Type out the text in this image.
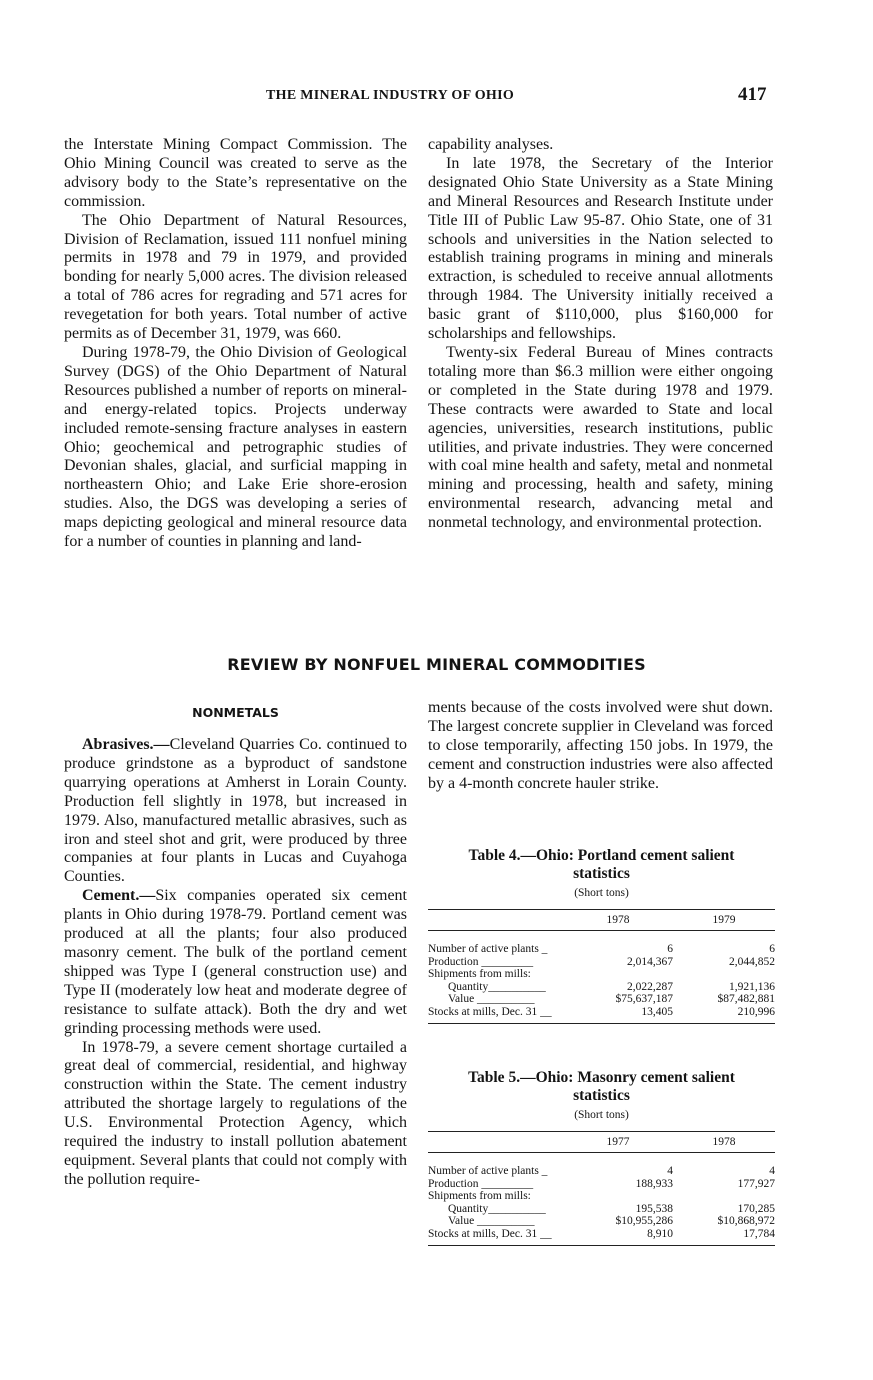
THE MINERAL INDUSTRY OF OHIO	417

the Interstate Mining Compact Commission. The Ohio Mining Council was created to serve as the advisory body to the State’s representative on the commission.

The Ohio Department of Natural Resources, Division of Reclamation, issued 111 nonfuel mining permits in 1978 and 79 in 1979, and provided bonding for nearly 5,000 acres. The division released a total of 786 acres for regrading and 571 acres for revegetation for both years. Total number of active permits as of December 31, 1979, was 660.

During 1978-79, the Ohio Division of Geological Survey (DGS) of the Ohio Department of Natural Resources published a number of reports on mineral- and energy-related topics. Projects underway included remote-sensing fracture analyses in eastern Ohio; geochemical and petrographic studies of Devonian shales, glacial, and surficial mapping in northeastern Ohio; and Lake Erie shore-erosion studies. Also, the DGS was developing a series of maps depicting geological and mineral resource data for a number of counties in planning and land-

capability analyses.

In late 1978, the Secretary of the Interior designated Ohio State University as a State Mining and Mineral Resources and Research Institute under Title III of Public Law 95-87. Ohio State, one of 31 schools and universities in the Nation selected to establish training programs in mining and minerals extraction, is scheduled to receive annual allotments through 1984. The University initially received a basic grant of $110,000, plus $160,000 for scholarships and fellowships.

Twenty-six Federal Bureau of Mines contracts totaling more than $6.3 million were either ongoing or completed in the State during 1978 and 1979. These contracts were awarded to State and local agencies, universities, research institutions, public utilities, and private industries. They were concerned with coal mine health and safety, metal and nonmetal mining and processing, health and safety, mining environmental research, advancing metal and nonmetal technology, and environmental protection.

REVIEW BY NONFUEL MINERAL COMMODITIES
NONMETALS

Abrasives.—Cleveland Quarries Co. continued to produce grindstone as a byproduct of sandstone quarrying operations at Amherst in Lorain County. Production fell slightly in 1978, but increased in 1979. Also, manufactured metallic abrasives, such as iron and steel shot and grit, were produced by three companies at four plants in Lucas and Cuyahoga Counties.

Cement.—Six companies operated six cement plants in Ohio during 1978-79. Portland cement was produced at all the plants; four also produced masonry cement. The bulk of the portland cement shipped was Type I (general construction use) and Type II (moderately low heat and moderate degree of resistance to sulfate attack). Both the dry and wet grinding processing methods were used.

In 1978-79, a severe cement shortage curtailed a great deal of commercial, residential, and highway construction within the State. The cement industry attributed the shortage largely to regulations of the U.S. Environmental Protection Agency, which required the industry to install pollution abatement equipment. Several plants that could not comply with the pollution require-

ments because of the costs involved were shut down. The largest concrete supplier in Cleveland was forced to close temporarily, affecting 150 jobs. In 1979, the cement and construction industries were also affected by a 4-month concrete hauler strike.

Table 4.—Ohio: Portland cement salient
statistics
(Short tons)
1978	1979
Number of active plants _	6	6
Production _________	2,014,367	2,044,852
Shipments from mills:
Quantity__________	2,022,287	1,921,136
Value __________	$75,637,187	$87,482,881
Stocks at mills, Dec. 31 __	13,405	210,996
Table 5.—Ohio: Masonry cement salient
statistics
(Short tons)
1977	1978
Number of active plants _	4	4
Production _________	188,933	177,927
Shipments from mills:
Quantity__________	195,538	170,285
Value __________	$10,955,286	$10,868,972
Stocks at mills, Dec. 31 __	8,910	17,784
